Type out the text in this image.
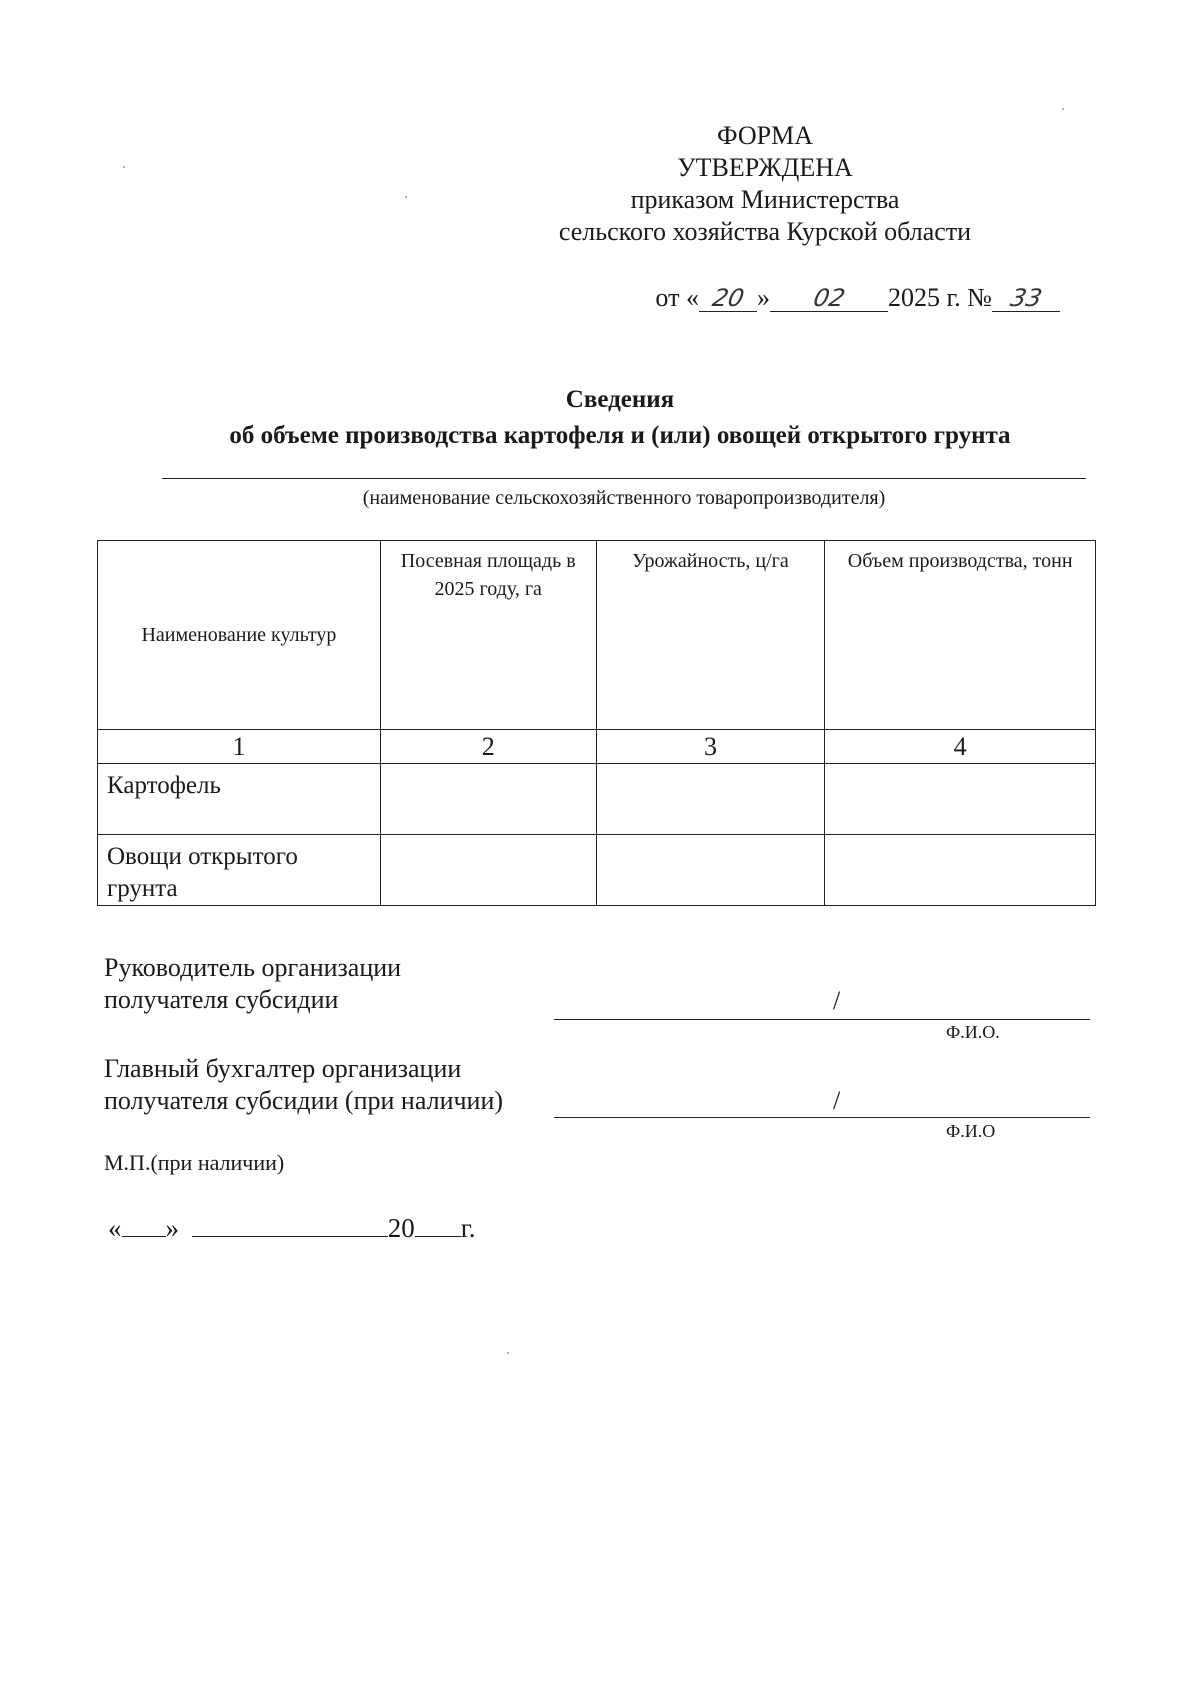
ФОРМА
УТВЕРЖДЕНА
приказом Министерства
сельского хозяйства Курской области
от « 20 » 02 2025 г. № 33
Сведения
об объеме производства картофеля и (или) овощей открытого грунта
(наименование сельскохозяйственного товаропроизводителя)
Наименование культур	Посевная площадь в 2025 году, га	Урожайность, ц/га	Объем производства, тонн

1	2	3	4
Картофель			

Овощи открытого грунта			

Руководитель организации
получателя субсидии	/
Ф.И.О.
Главный бухгалтер организации
получателя субсидии (при наличии)	/
Ф.И.О
М.П.(при наличии)
« »	20 г.
